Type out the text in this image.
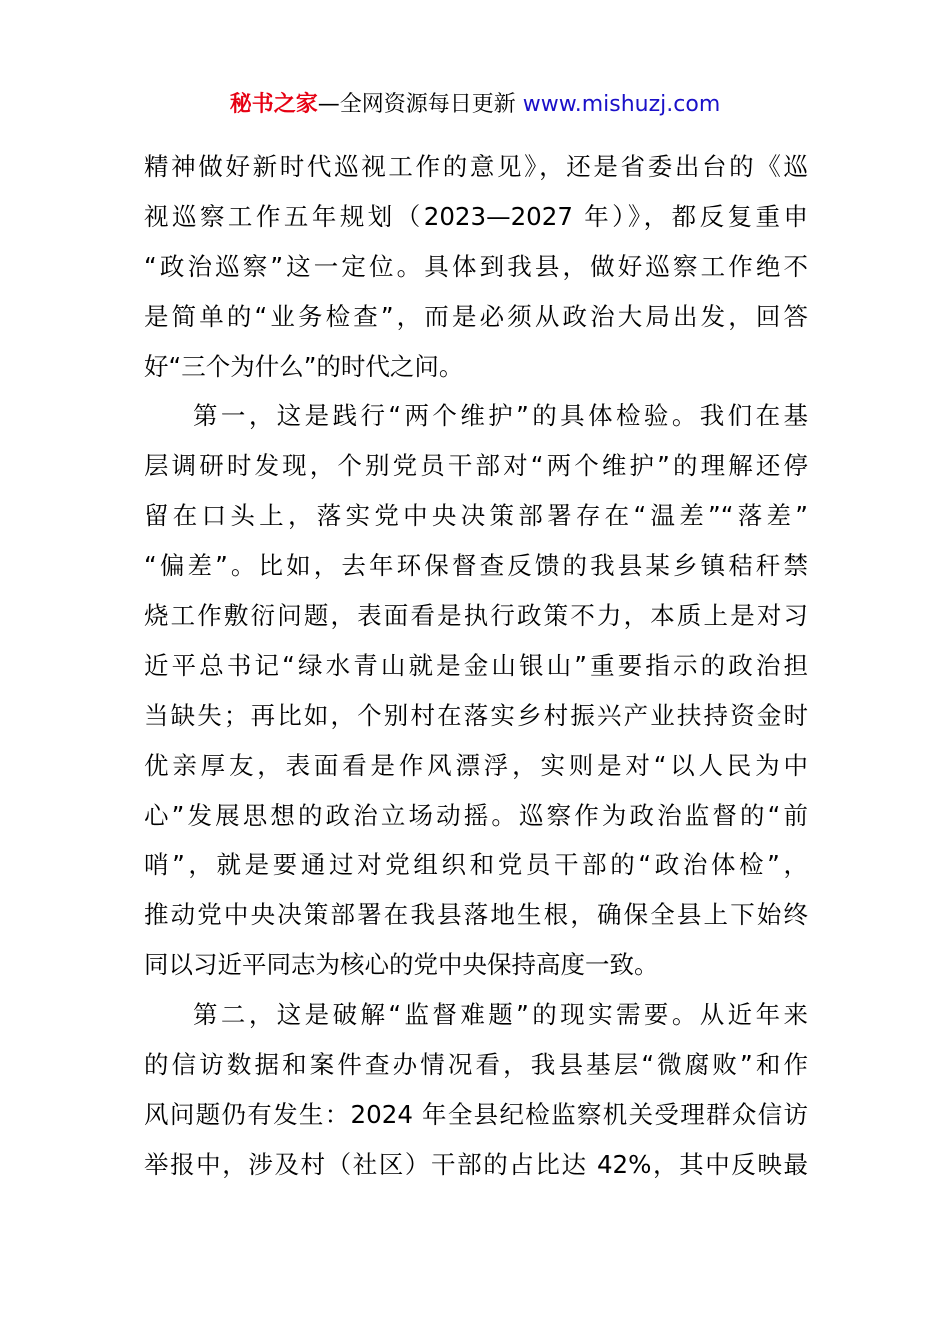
秘书之家—全网资源每日更新 www.mishuzj.com
精神做好新时代巡视工作的意见》，还是省委出台的《巡
视巡察工作五年规划（2023—2027 年）》，都反复重申
“政治巡察”这一定位。具体到我县，做好巡察工作绝不
是简单的“业务检查”，而是必须从政治大局出发，回答
好“三个为什么”的时代之问。
第一，这是践行“两个维护”的具体检验。我们在基
层调研时发现，个别党员干部对“两个维护”的理解还停
留在口头上，落实党中央决策部署存在“温差”“落差”
“偏差”。比如，去年环保督查反馈的我县某乡镇秸秆禁
烧工作敷衍问题，表面看是执行政策不力，本质上是对习
近平总书记“绿水青山就是金山银山”重要指示的政治担
当缺失；再比如，个别村在落实乡村振兴产业扶持资金时
优亲厚友，表面看是作风漂浮，实则是对“以人民为中
心”发展思想的政治立场动摇。巡察作为政治监督的“前
哨”，就是要通过对党组织和党员干部的“政治体检”，
推动党中央决策部署在我县落地生根，确保全县上下始终
同以习近平同志为核心的党中央保持高度一致。
第二，这是破解“监督难题”的现实需要。从近年来
的信访数据和案件查办情况看，我县基层“微腐败”和作
风问题仍有发生：2024 年全县纪检监察机关受理群众信访
举报中，涉及村（社区）干部的占比达 42%，其中反映最
